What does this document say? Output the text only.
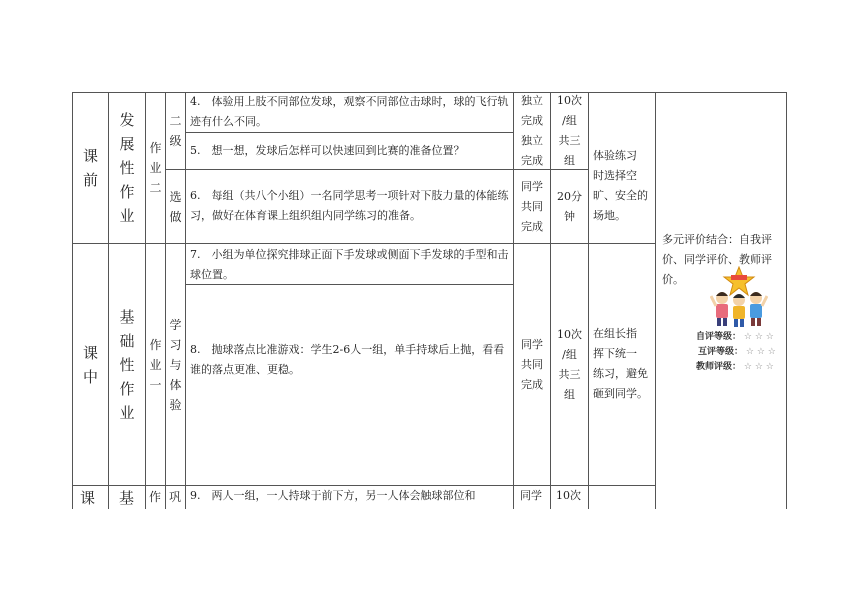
课
前
发
展
性
作
业
作
业
二
二
级
选
做
4.　体验用上肢不同部位发球，观察不同部位击球时，球的飞行轨迹有什么不同。
5.　想一想，发球后怎样可以快速回到比赛的准备位置？
6.　每组（共八个小组）一名同学思考一项针对下肢力量的体能练习，做好在体育课上组织组内同学练习的准备。
独立
完成
独立
完成
同学
共同
完成
10次
/组
共三
组
20分
钟
体验练习
时选择空
旷、安全的
场地。
多元评价结合：自我评价、同学评价、教师评价。
自评等级： ☆ ☆ ☆
互评等级： ☆ ☆ ☆
教师评级： ☆ ☆ ☆
课
中
基
础
性
作
业
作
业
一
学
习
与
体
验
7.　小组为单位探究排球正面下手发球或侧面下手发球的手型和击球位置。
8.　抛球落点比准游戏：学生2-6人一组，单手持球后上抛，看看谁的落点更准、更稳。
同学
共同
完成
10次
/组
共三
组
在组长指
挥下统一
练习，避免
砸到同学。
课 基 作 巩 9.　两人一组，一人持球于前下方，另一人体会触球部位和	同学 10次
